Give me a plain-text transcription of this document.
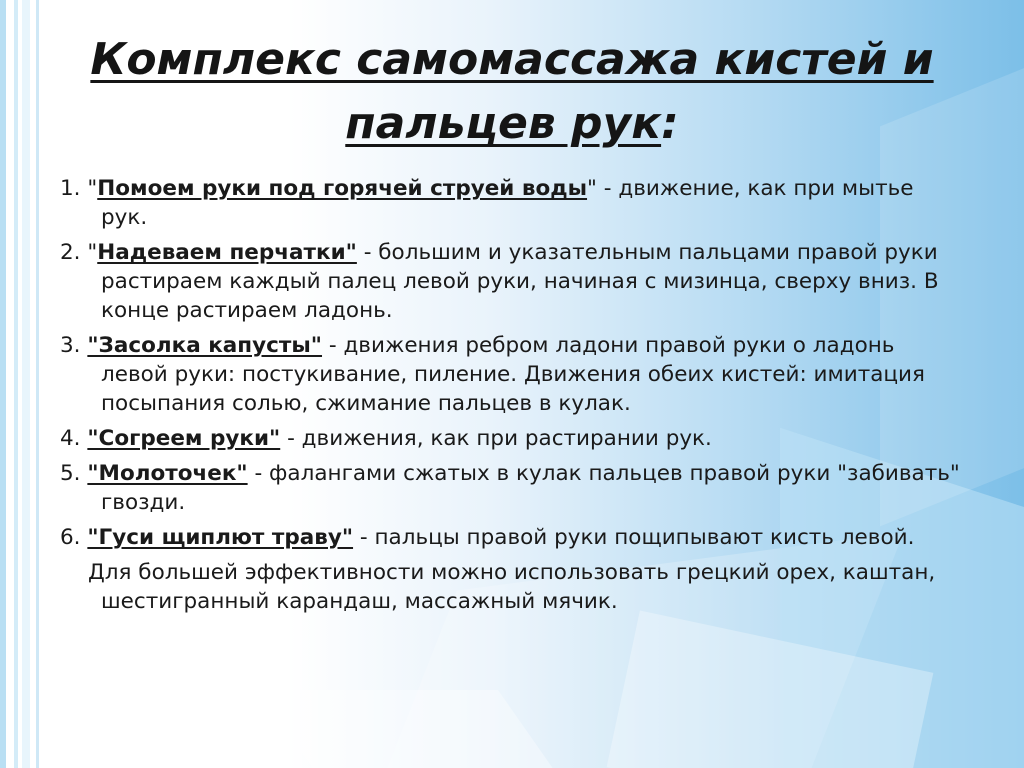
Комплекс самомассажа кистей и
пальцев рук:

1. "Помоем руки под горячей струей воды" - движение, как при мытье рук.

2. "Надеваем перчатки" - большим и указательным пальцами правой руки растираем каждый палец левой руки, начиная с мизинца, сверху вниз. В конце растираем ладонь.

3. "Засолка капусты" - движения ребром ладони правой руки о ладонь левой руки: постукивание, пиление. Движения обеих кистей: имитация посыпания солью, сжимание пальцев в кулак.

4. "Согреем руки" - движения, как при растирании рук.

5. "Молоточек" - фалангами сжатых в кулак пальцев правой руки "забивать" гвозди.

6. "Гуси щиплют траву" - пальцы правой руки пощипывают кисть левой.

Для большей эффективности можно использовать грецкий орех, каштан, шестигранный карандаш, массажный мячик.
